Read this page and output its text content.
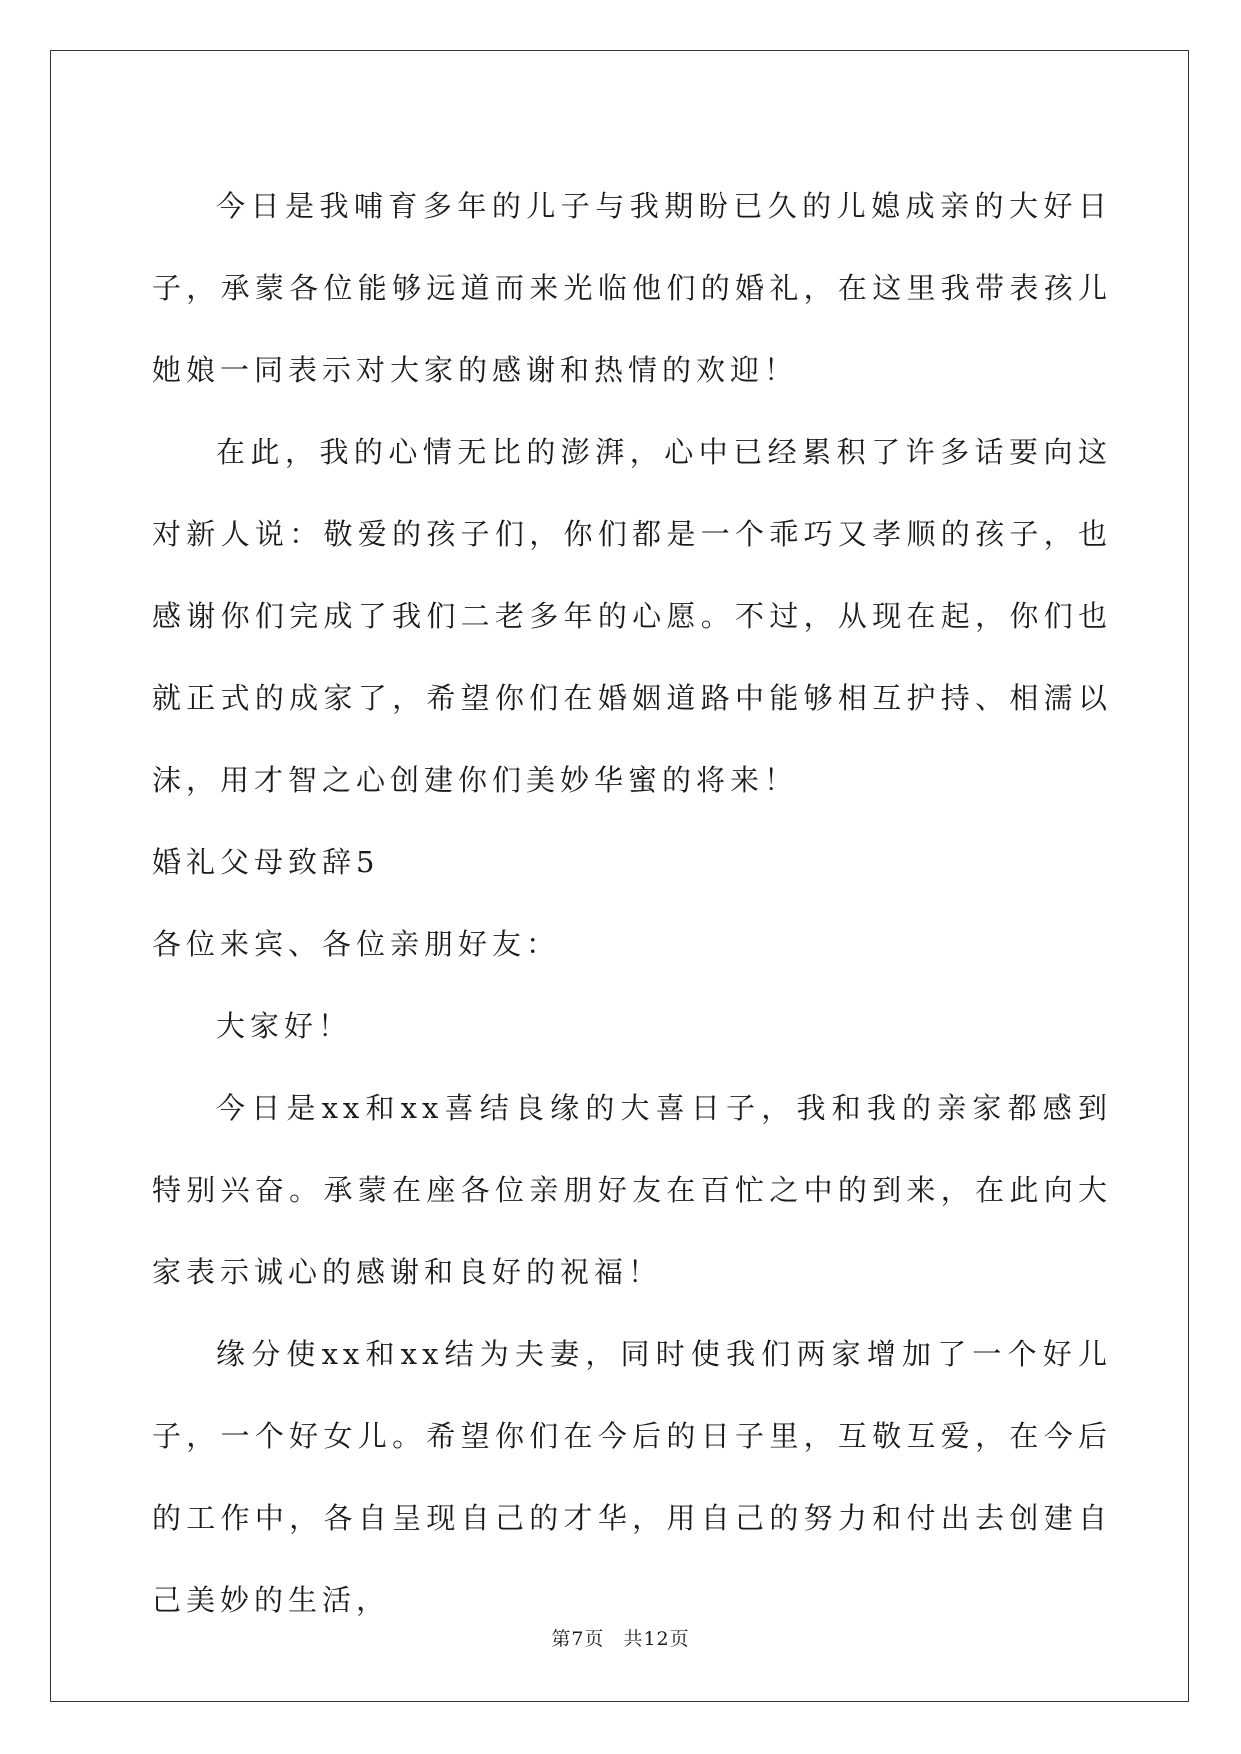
今日是我哺育多年的儿子与我期盼已久的儿媳成亲的大好日子，承蒙各位能够远道而来光临他们的婚礼，在这里我带表孩儿她娘一同表示对大家的感谢和热情的欢迎！

在此，我的心情无比的澎湃，心中已经累积了许多话要向这对新人说：敬爱的孩子们，你们都是一个乖巧又孝顺的孩子，也感谢你们完成了我们二老多年的心愿。不过，从现在起，你们也就正式的成家了，希望你们在婚姻道路中能够相互护持、相濡以沫，用才智之心创建你们美妙华蜜的将来！

婚礼父母致辞5

各位来宾、各位亲朋好友：

大家好！

今日是xx和xx喜结良缘的大喜日子，我和我的亲家都感到特别兴奋。承蒙在座各位亲朋好友在百忙之中的到来，在此向大家表示诚心的感谢和良好的祝福！

缘分使xx和xx结为夫妻，同时使我们两家增加了一个好儿子，一个好女儿。希望你们在今后的日子里，互敬互爱，在今后的工作中，各自呈现自己的才华，用自己的努力和付出去创建自己美妙的生活，

第7页 共12页
